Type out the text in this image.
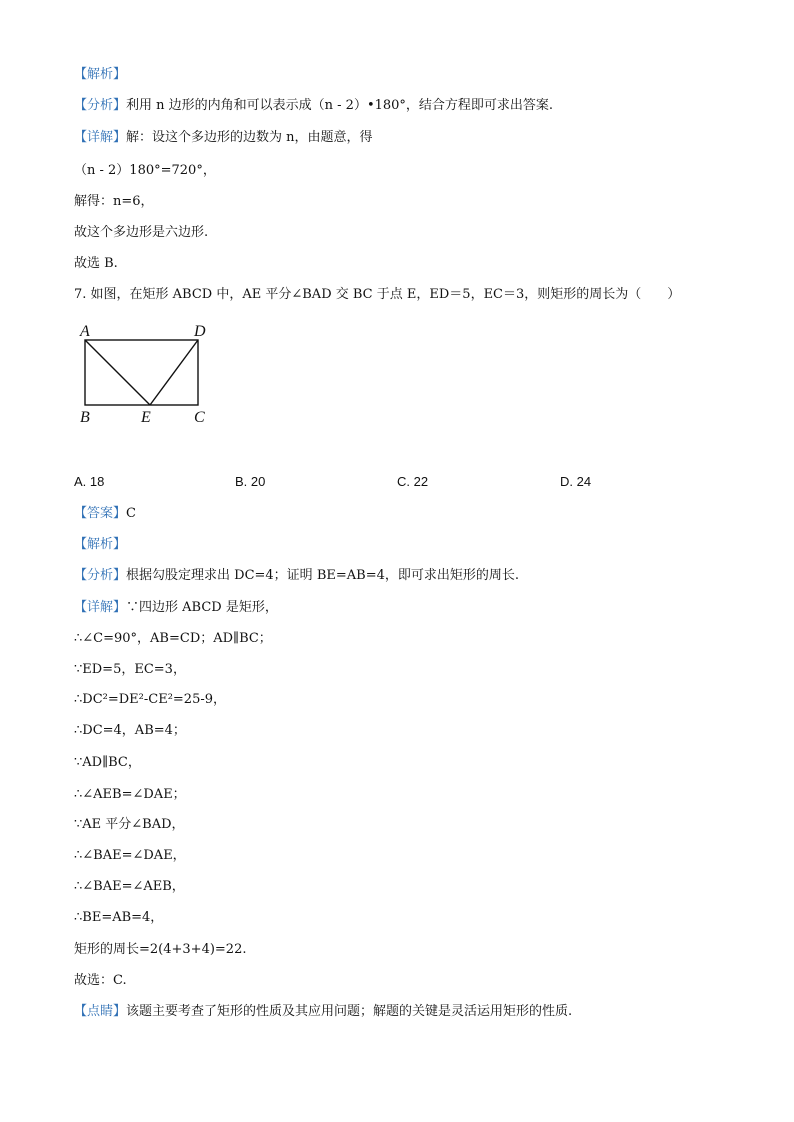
【解析】
【分析】利用 n 边形的内角和可以表示成（n - 2）•180°，结合方程即可求出答案.
【详解】解：设这个多边形的边数为 n，由题意，得
（n - 2）180°=720°，
解得：n=6，
故这个多边形是六边形.
故选 B.
7. 如图，在矩形 ABCD 中，AE 平分∠BAD 交 BC 于点 E，ED＝5，EC＝3，则矩形的周长为（　　）
A	D
B	E	C
A. 18	B. 20	C. 22	D. 24
【答案】C
【解析】
【分析】根据勾股定理求出 DC=4；证明 BE=AB=4，即可求出矩形的周长.
【详解】∵四边形 ABCD 是矩形，
∴∠C=90°，AB=CD；AD∥BC；
∵ED=5，EC=3，
∴DC²=DE²-CE²=25-9，
∴DC=4，AB=4；
∵AD∥BC，
∴∠AEB=∠DAE；
∵AE 平分∠BAD，
∴∠BAE=∠DAE，
∴∠BAE=∠AEB，
∴BE=AB=4，
矩形的周长=2(4+3+4)=22.
故选：C.
【点睛】该题主要考查了矩形的性质及其应用问题；解题的关键是灵活运用矩形的性质.
